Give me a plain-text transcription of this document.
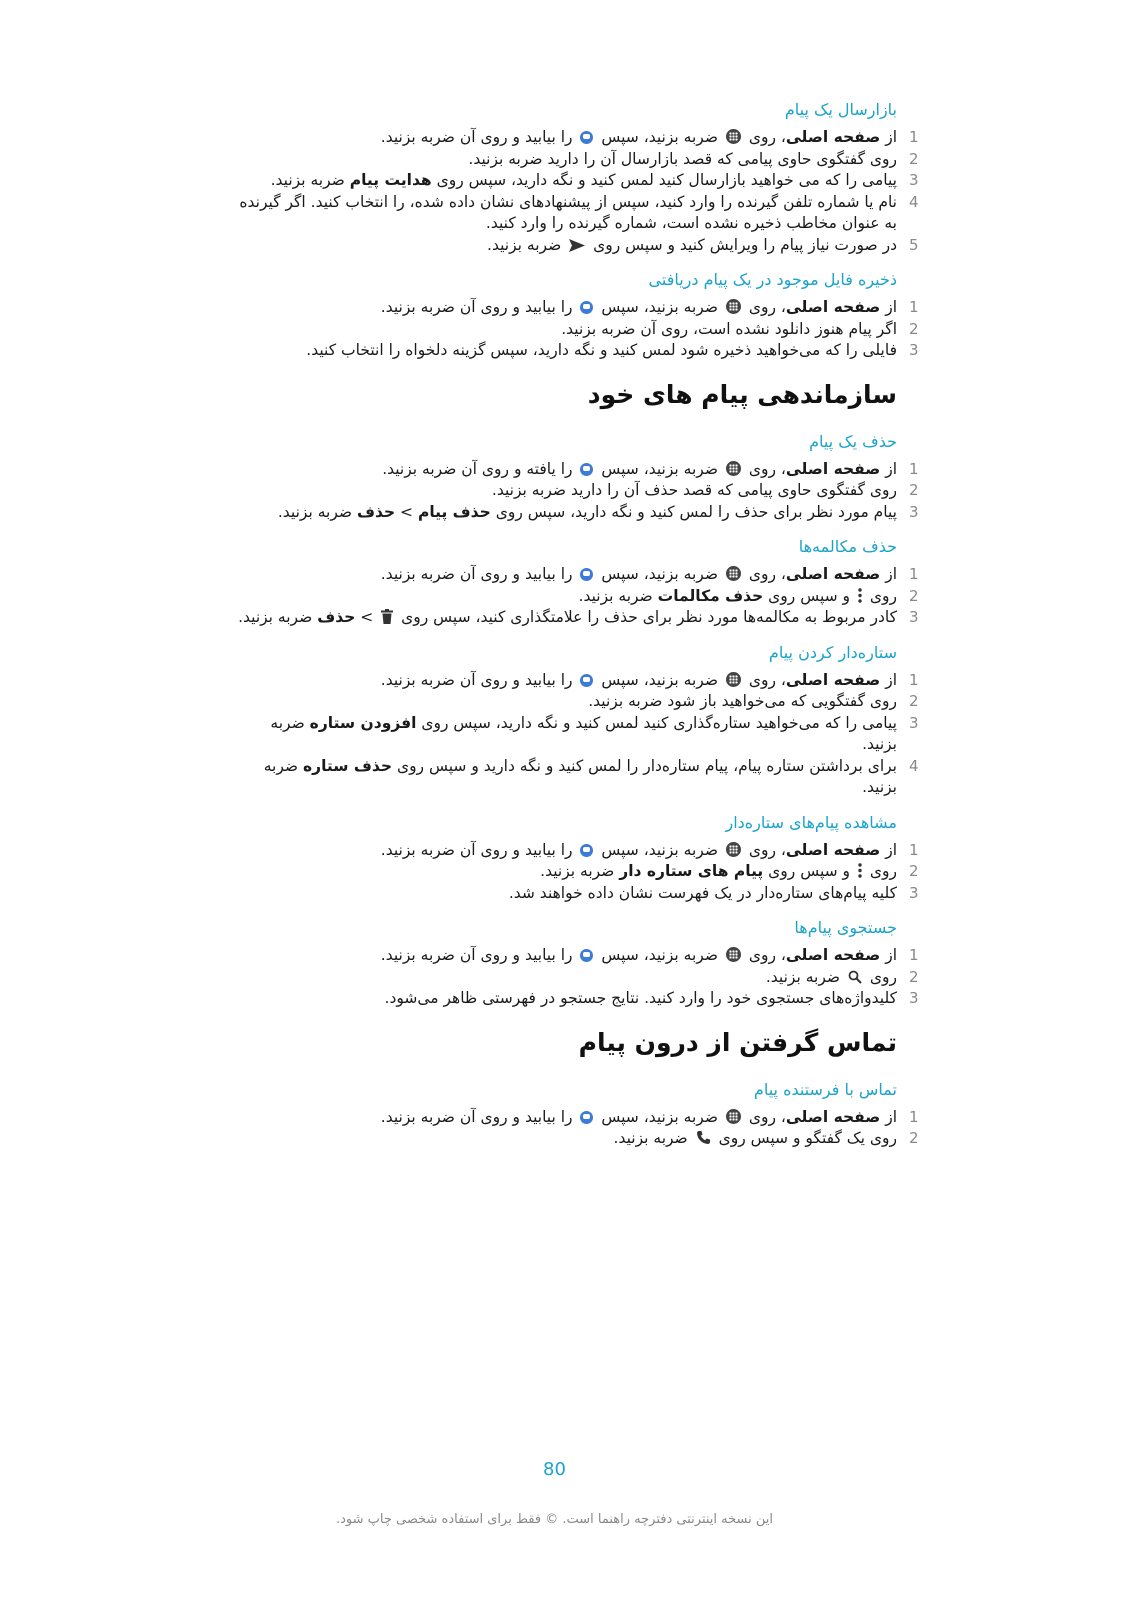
بازارسال یک پیام
1
از صفحه اصلی، روی  ضربه بزنید، سپس  را بیابید و روی آن ضربه بزنید.
2
روی گفتگوی حاوی پیامی که قصد بازارسال آن را دارید ضربه بزنید.
3
پیامی را که می خواهید بازارسال کنید لمس کنید و نگه دارید، سپس روی هدایت پیام ضربه بزنید.
4
نام یا شماره تلفن گیرنده را وارد کنید، سپس از پیشنهادهای نشان داده شده، را انتخاب کنید. اگر گیرنده به عنوان مخاطب ذخیره نشده است، شماره گیرنده را وارد کنید.
5
در صورت نیاز پیام را ویرایش کنید و سپس روی  ضربه بزنید.
ذخیره فایل موجود در یک پیام دریافتی
1
از صفحه اصلی، روی  ضربه بزنید، سپس  را بیابید و روی آن ضربه بزنید.
2
اگر پیام هنوز دانلود نشده است، روی آن ضربه بزنید.
3
فایلی را که می‌خواهید ذخیره شود لمس کنید و نگه دارید، سپس گزینه دلخواه را انتخاب کنید.
سازماندهی پیام های خود
حذف یک پیام
1
از صفحه اصلی، روی  ضربه بزنید، سپس  را یافته و روی آن ضربه بزنید.
2
روی گفتگوی حاوی پیامی که قصد حذف آن را دارید ضربه بزنید.
3
پیام مورد نظر برای حذف را لمس کنید و نگه دارید، سپس روی حذف پیام > حذف ضربه بزنید.
حذف مکالمه‌ها
1
از صفحه اصلی، روی  ضربه بزنید، سپس  را بیابید و روی آن ضربه بزنید.
2
روی  و سپس روی حذف مکالمات ضربه بزنید.
3
کادر مربوط به مکالمه‌ها مورد نظر برای حذف را علامتگذاری کنید، سپس روی  > حذف ضربه بزنید.
ستاره‌دار کردن پیام
1
از صفحه اصلی، روی  ضربه بزنید، سپس  را بیابید و روی آن ضربه بزنید.
2
روی گفتگویی که می‌خواهید باز شود ضربه بزنید.
3
پیامی را که می‌خواهید ستاره‌گذاری کنید لمس کنید و نگه دارید، سپس روی افزودن ستاره ضربه بزنید.
4
برای برداشتن ستاره پیام، پیام ستاره‌دار را لمس کنید و نگه دارید و سپس روی حذف ستاره ضربه بزنید.
مشاهده پیام‌های ستاره‌دار
1
از صفحه اصلی، روی  ضربه بزنید، سپس  را بیابید و روی آن ضربه بزنید.
2
روی  و سپس روی پیام های ستاره دار ضربه بزنید.
3
کلیه پیام‌های ستاره‌دار در یک فهرست نشان داده خواهند شد.
جستجوی پیام‌ها
1
از صفحه اصلی، روی  ضربه بزنید، سپس  را بیابید و روی آن ضربه بزنید.
2
روی  ضربه بزنید.
3
کلیدواژه‌های جستجوی خود را وارد کنید. نتایج جستجو در فهرستی ظاهر می‌شود.
تماس گرفتن از درون پیام
تماس با فرستنده پیام
1
از صفحه اصلی، روی  ضربه بزنید، سپس  را بیابید و روی آن ضربه بزنید.
2
روی یک گفتگو و سپس روی  ضربه بزنید.
80
این نسخه اینترنتی دفترچه راهنما است. © فقط برای استفاده شخصی چاپ شود.
